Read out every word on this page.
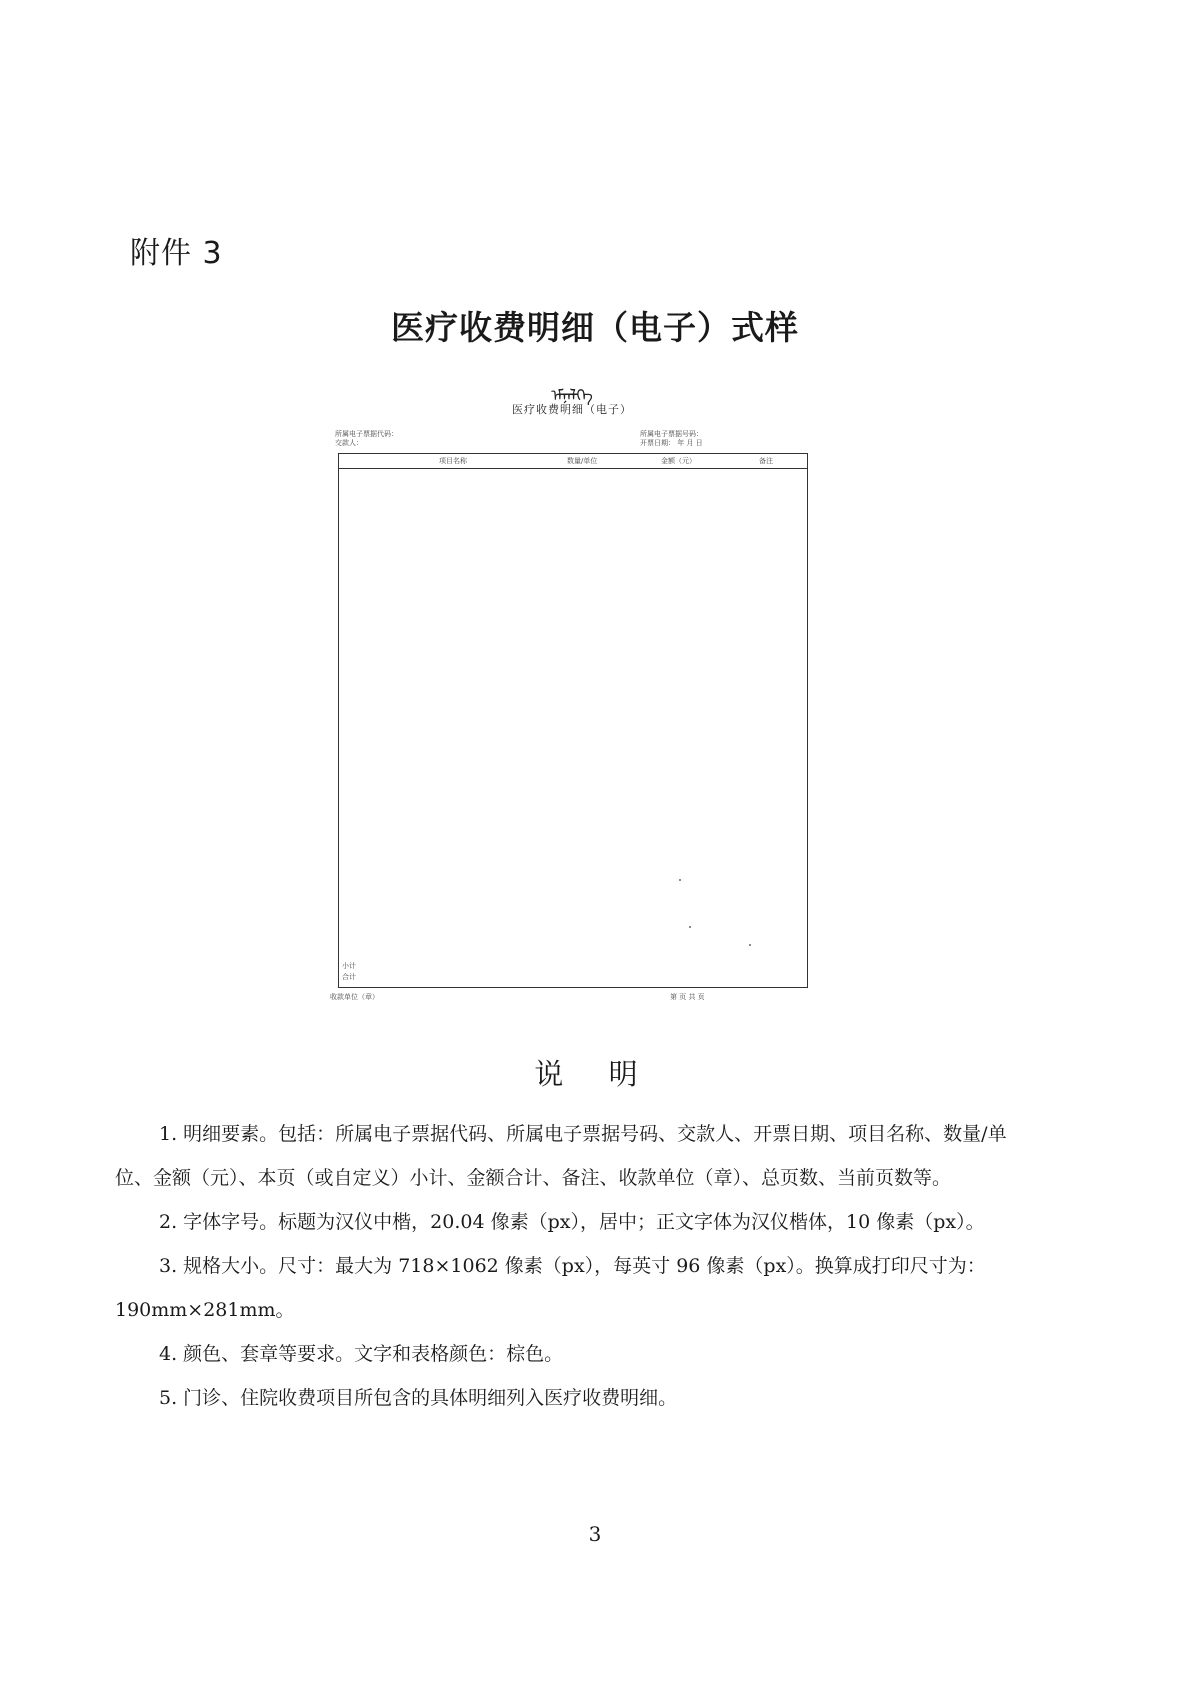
附件 3
医疗收费明细（电子）式样
ᠡᠮᠨᠡᠯᠭᠡ
医疗收费明细（电子）
所属电子票据代码：
交款人：
所属电子票据号码：
开票日期： 年 月 日
项目名称	数量/单位	金额（元）	备注
小计
合计
收款单位（章）	第 页 共 页
说 明

1. 明细要素。包括：所属电子票据代码、所属电子票据号码、交款人、开票日期、项目名称、数量/单位、金额（元）、本页（或自定义）小计、金额合计、备注、收款单位（章）、总页数、当前页数等。

2. 字体字号。标题为汉仪中楷，20.04 像素（px），居中；正文字体为汉仪楷体，10 像素（px）。

3. 规格大小。尺寸：最大为 718×1062 像素（px），每英寸 96 像素（px）。换算成打印尺寸为：190mm×281mm。

4. 颜色、套章等要求。文字和表格颜色：棕色。

5. 门诊、住院收费项目所包含的具体明细列入医疗收费明细。

3
